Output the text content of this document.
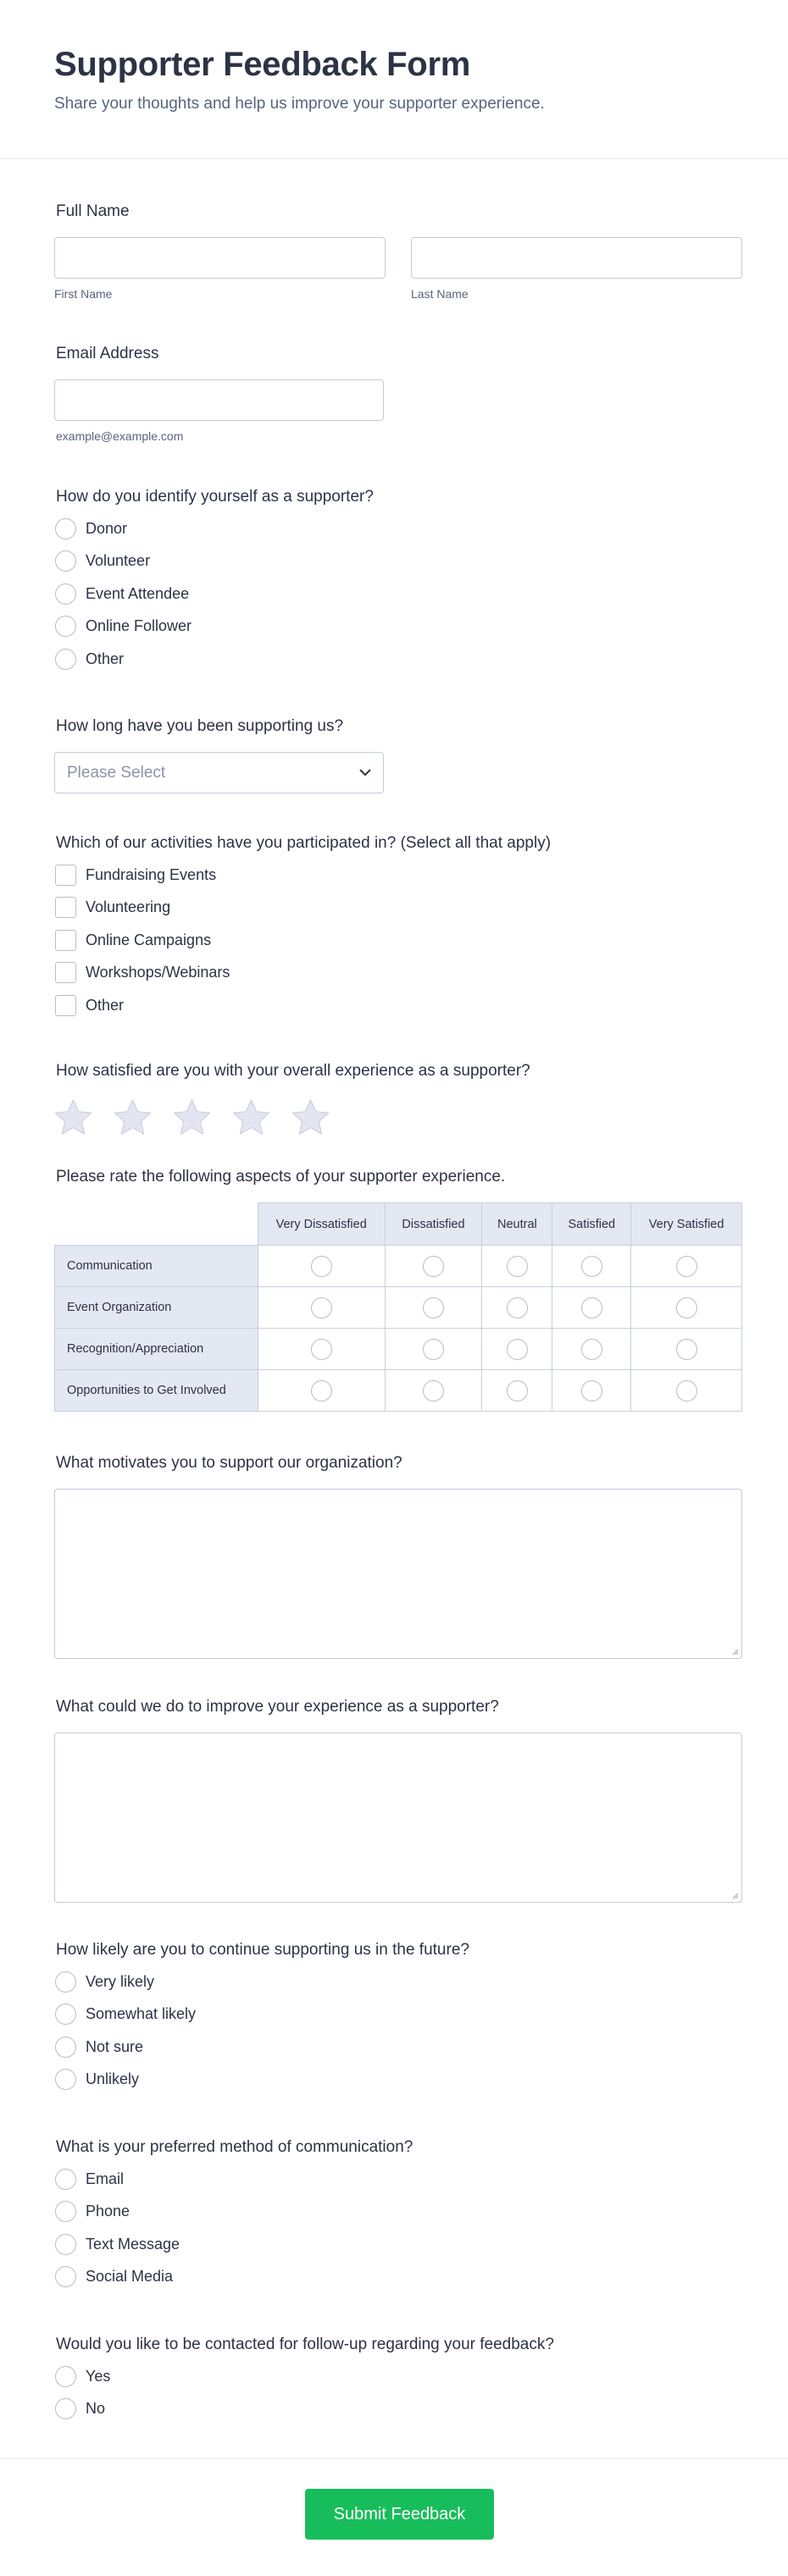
Supporter Feedback Form

Share your thoughts and help us improve your supporter experience.

Full Name
First Name	Last Name
Email Address
example@example.com
How do you identify yourself as a supporter?
Donor
Volunteer
Event Attendee
Online Follower
Other
How long have you been supporting us?
Please Select
Which of our activities have you participated in? (Select all that apply)
Fundraising Events
Volunteering
Online Campaigns
Workshops/Webinars
Other
How satisfied are you with your overall experience as a supporter?
Please rate the following aspects of your supporter experience.
	Very Dissatisfied	Dissatisfied	Neutral	Satisfied	Very Satisfied
Communication					
Event Organization					
Recognition/Appreciation					
Opportunities to Get Involved					
What motivates you to support our organization?
What could we do to improve your experience as a supporter?
How likely are you to continue supporting us in the future?
Very likely
Somewhat likely
Not sure
Unlikely
What is your preferred method of communication?
Email
Phone
Text Message
Social Media
Would you like to be contacted for follow-up regarding your feedback?
Yes
No
Submit Feedback
